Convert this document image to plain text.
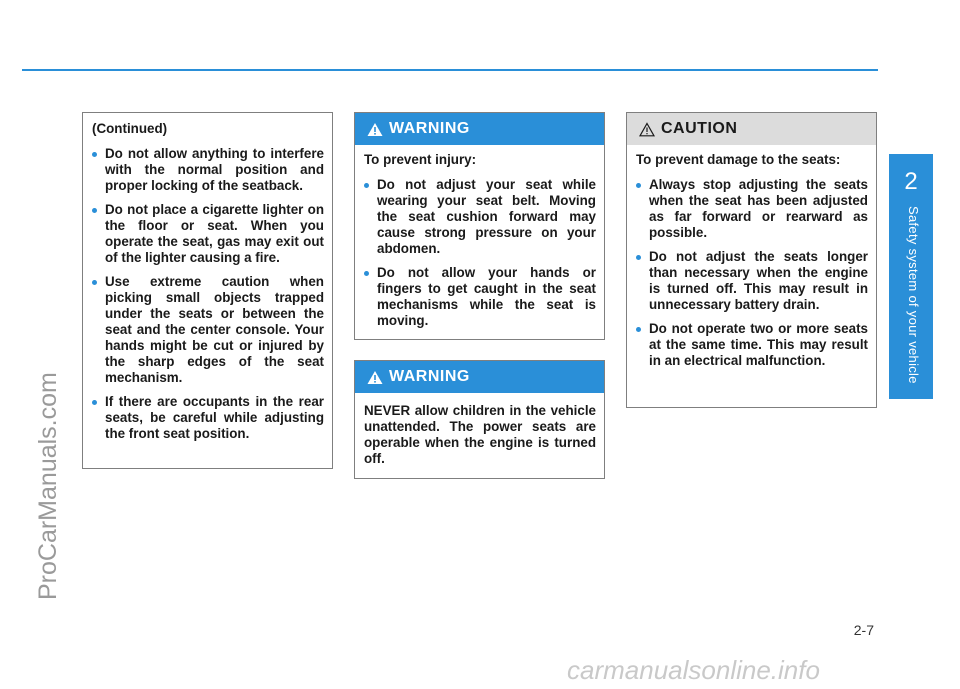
2
Safety system of your vehicle
ProCarManuals.com

(Continued)

Do not allow anything to interfere with the normal position and proper locking of the seatback.
Do not place a cigarette lighter on the floor or seat. When you operate the seat, gas may exit out of the lighter causing a fire.
Use extreme caution when picking small objects trapped under the seats or between the seat and the center console. Your hands might be cut or injured by the sharp edges of the seat mechanism.
If there are occupants in the rear seats, be careful while adjusting the front seat position.
WARNING

To prevent injury:

Do not adjust your seat while wearing your seat belt. Moving the seat cushion forward may cause strong pressure on your abdomen.
Do not allow your hands or fingers to get caught in the seat mechanisms while the seat is moving.
WARNING

NEVER allow children in the vehicle unattended. The power seats are operable when the engine is turned off.

CAUTION

To prevent damage to the seats:

Always stop adjusting the seats when the seat has been adjusted as far forward or rearward as possible.
Do not adjust the seats longer than necessary when the engine is turned off. This may result in unnecessary battery drain.
Do not operate two or more seats at the same time. This may result in an electrical malfunction.
2-7
carmanualsonline.info
